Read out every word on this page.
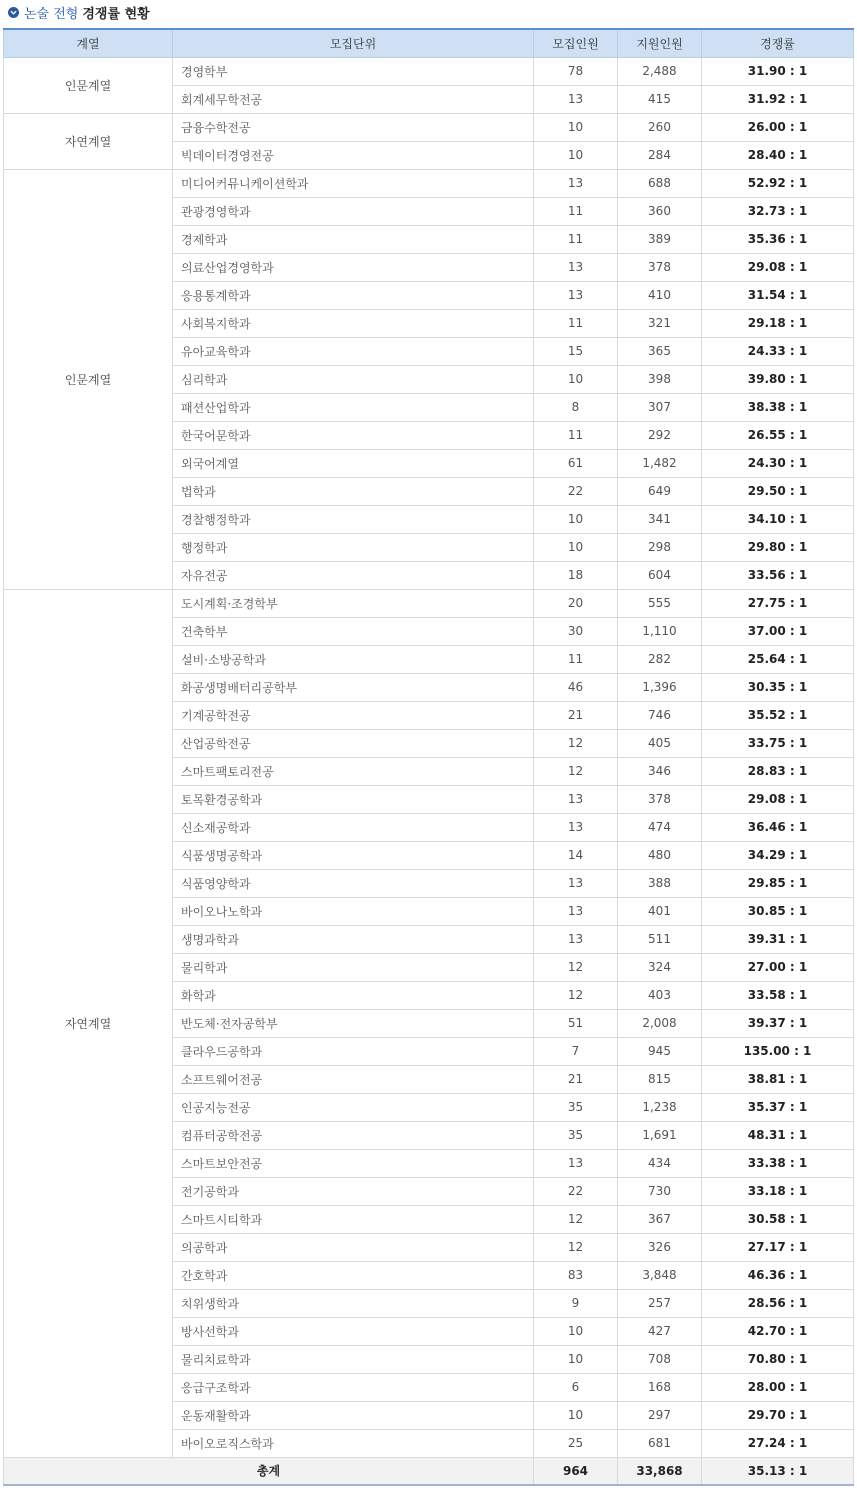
논술 전형 경쟁률 현황
계열	모집단위	모집인원	지원인원	경쟁률
인문계열	경영학부	78	2,488	31.90 : 1
	회계세무학전공	13	415	31.92 : 1
자연계열	금융수학전공	10	260	26.00 : 1
	빅데이터경영전공	10	284	28.40 : 1
인문계열	미디어커뮤니케이션학과	13	688	52.92 : 1
	관광경영학과	11	360	32.73 : 1
	경제학과	11	389	35.36 : 1
	의료산업경영학과	13	378	29.08 : 1
	응용통계학과	13	410	31.54 : 1
	사회복지학과	11	321	29.18 : 1
	유아교육학과	15	365	24.33 : 1
	심리학과	10	398	39.80 : 1
	패션산업학과	8	307	38.38 : 1
	한국어문학과	11	292	26.55 : 1
	외국어계열	61	1,482	24.30 : 1
	법학과	22	649	29.50 : 1
	경찰행정학과	10	341	34.10 : 1
	행정학과	10	298	29.80 : 1
	자유전공	18	604	33.56 : 1
자연계열	도시계획·조경학부	20	555	27.75 : 1
	건축학부	30	1,110	37.00 : 1
	설비·소방공학과	11	282	25.64 : 1
	화공생명배터리공학부	46	1,396	30.35 : 1
	기계공학전공	21	746	35.52 : 1
	산업공학전공	12	405	33.75 : 1
	스마트팩토리전공	12	346	28.83 : 1
	토목환경공학과	13	378	29.08 : 1
	신소재공학과	13	474	36.46 : 1
	식품생명공학과	14	480	34.29 : 1
	식품영양학과	13	388	29.85 : 1
	바이오나노학과	13	401	30.85 : 1
	생명과학과	13	511	39.31 : 1
	물리학과	12	324	27.00 : 1
	화학과	12	403	33.58 : 1
	반도체·전자공학부	51	2,008	39.37 : 1
	클라우드공학과	7	945	135.00 : 1
	소프트웨어전공	21	815	38.81 : 1
	인공지능전공	35	1,238	35.37 : 1
	컴퓨터공학전공	35	1,691	48.31 : 1
	스마트보안전공	13	434	33.38 : 1
	전기공학과	22	730	33.18 : 1
	스마트시티학과	12	367	30.58 : 1
	의공학과	12	326	27.17 : 1
	간호학과	83	3,848	46.36 : 1
	치위생학과	9	257	28.56 : 1
	방사선학과	10	427	42.70 : 1
	물리치료학과	10	708	70.80 : 1
	응급구조학과	6	168	28.00 : 1
	운동재활학과	10	297	29.70 : 1
	바이오로직스학과	25	681	27.24 : 1
총계		964	33,868	35.13 : 1
